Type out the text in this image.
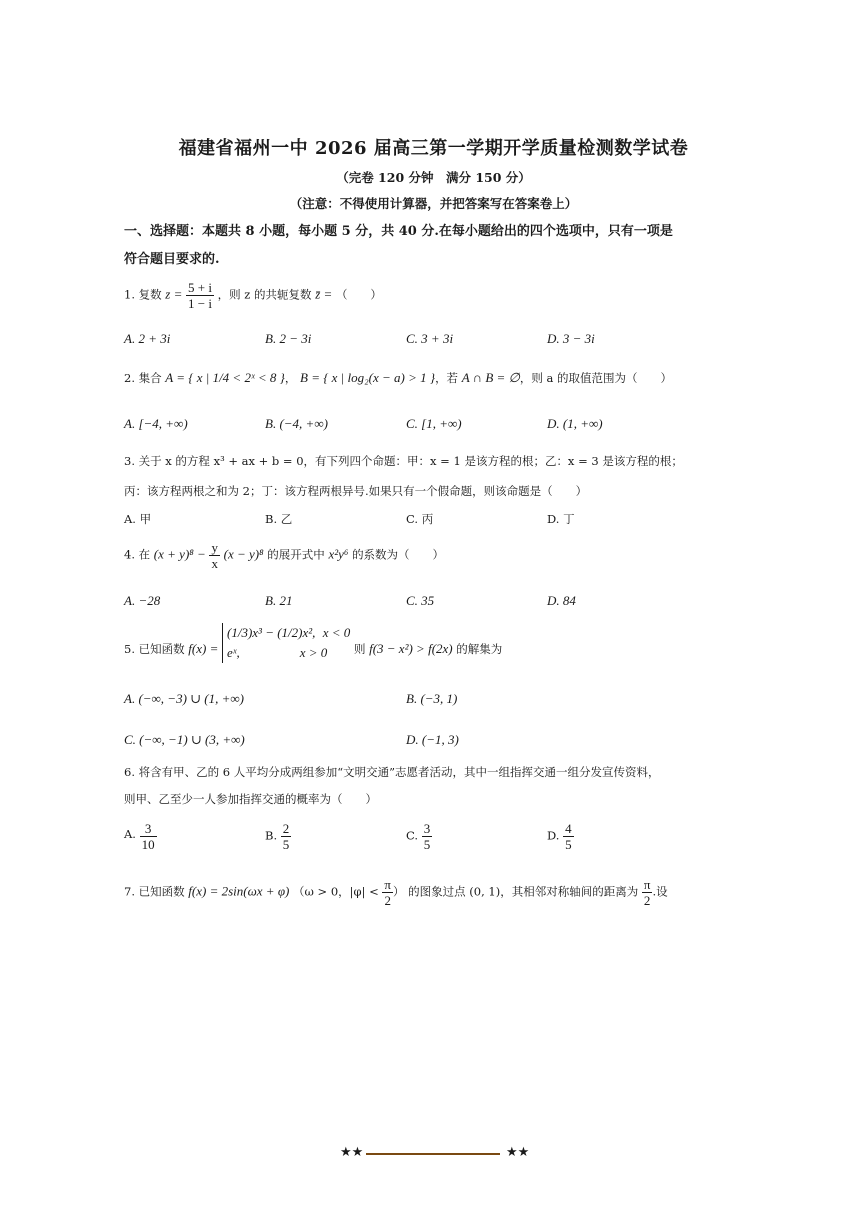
福建省福州一中 2026 届高三第一学期开学质量检测数学试卷
（完卷 120 分钟　满分 150 分）
（注意：不得使用计算器，并把答案写在答案卷上）
一、选择题：本题共 8 小题，每小题 5 分，共 40 分.在每小题给出的四个选项中，只有一项是
符合题目要求的.
1. 复数 $z = \frac{5 + i}{1 - i}$ ，则 z 的共轭复数 z̄ = （　　）
A. 2 + 3i	B. 2 − 3i	C. 3 + 3i	D. 3 − 3i
2. 集合 A = { x | 1/4 < 2ˣ < 8 }， B = { x | log₂(x − a) > 1 }，若 A ∩ B = ∅，则 a 的取值范围为（　　）
A. [−4, +∞)	B. (−4, +∞)	C. [1, +∞)	D. (1, +∞)
3. 关于 x 的方程 x³ + ax + b = 0，有下列四个命题：甲：x = 1 是该方程的根；乙：x = 3 是该方程的根；
丙：该方程两根之和为 2；丁：该方程两根异号.如果只有一个假命题，则该命题是（　　）
A. 甲	B. 乙	C. 丙	D. 丁
4. 在 $(x + y)^8 - \frac{y}{x} (x - y)^8$ 的展开式中 x²y⁶ 的系数为（　　）
A. −28	B. 21	C. 35	D. 84
5. 已知函数 f(x) =
(1/3)x³ − (1/2)x², x < 0
eˣ,	x > 0	则 f(3 − x²) > f(2x) 的解集为
A. (−∞, −3) ∪ (1, +∞)	B. (−3, 1)
C. (−∞, −1) ∪ (3, +∞)	D. (−1, 3)
6. 将含有甲、乙的 6 人平均分成两组参加“文明交通”志愿者活动，其中一组指挥交通一组分发宣传资料，
则甲、乙至少一人参加指挥交通的概率为（　　）
A. $\frac{3}{10}$	B. $\frac{2}{5}$	C. $\frac{3}{5}$	D. $\frac{4}{5}$
7. 已知函数 f(x) = 2sin(ωx + φ) （ω > 0，$|\varphi| < \frac{\pi}{2}$ ） 的图象过点 (0, 1)，其相邻对称轴间的距离为 $\frac{\pi}{2}$ .设
★★	★★
